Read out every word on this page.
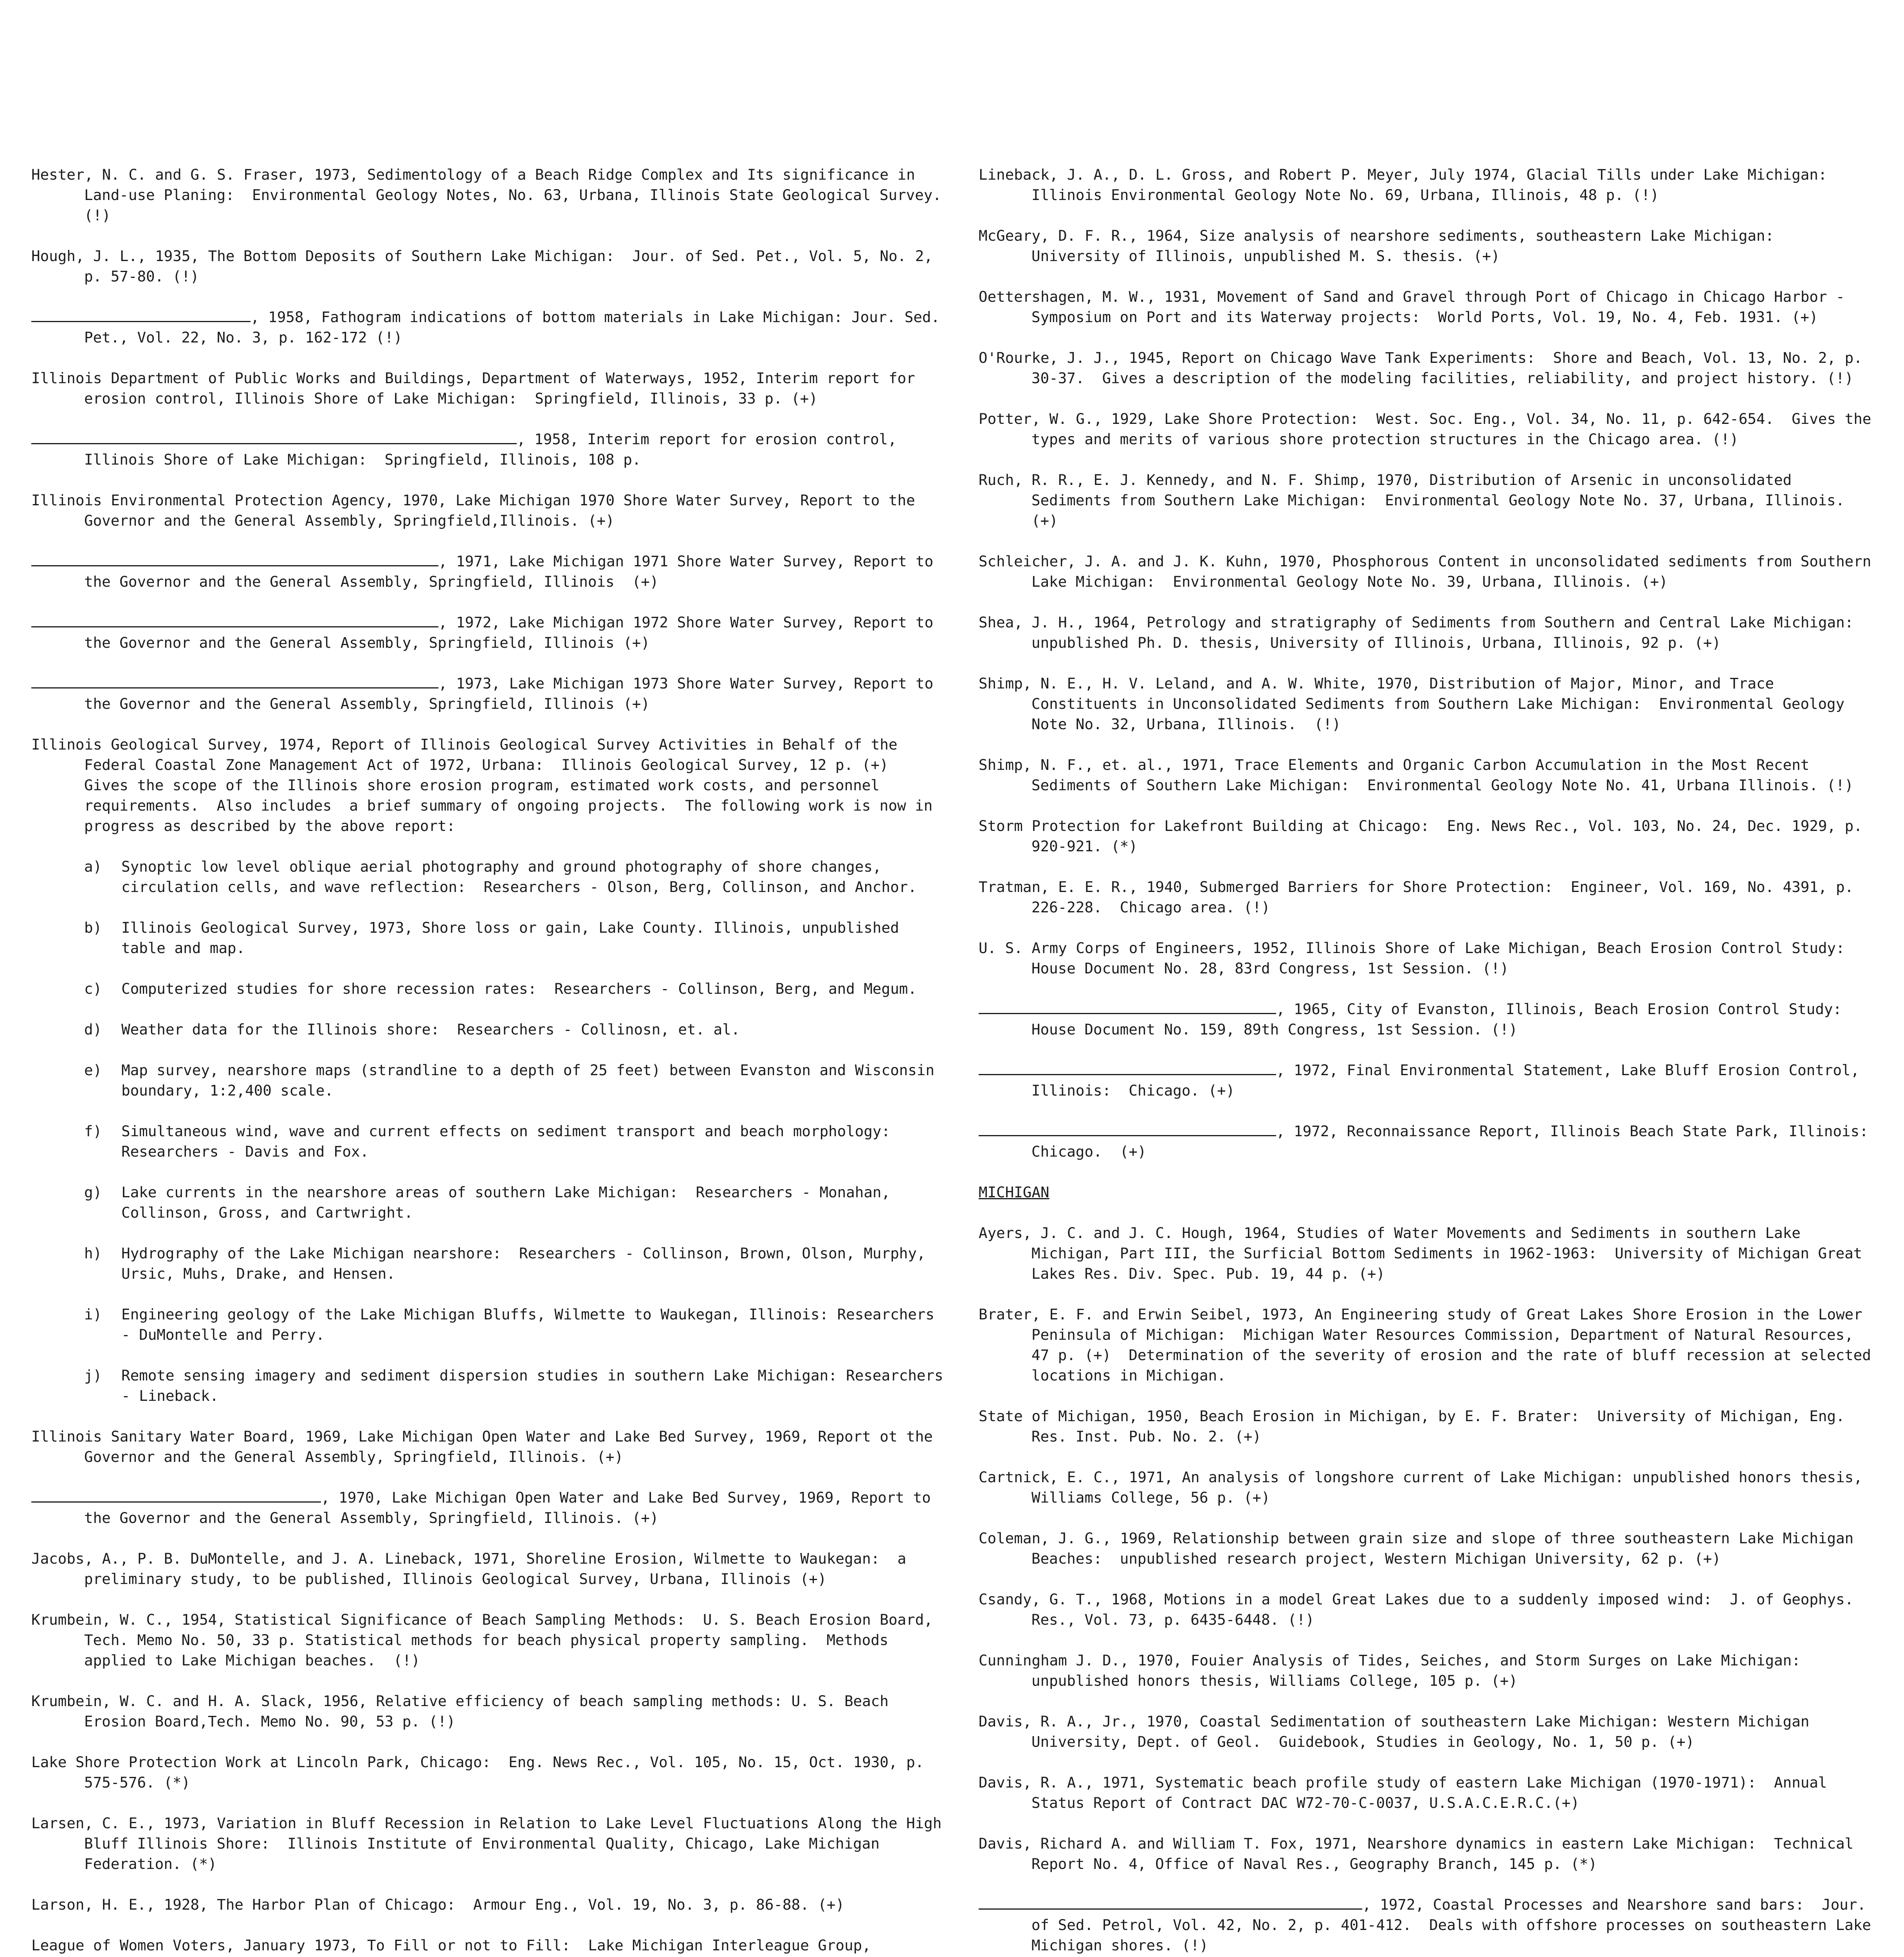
Hester, N. C. and G. S. Fraser, 1973, Sedimentology of a Beach Ridge Complex and Its significance in Land-use Planing:  Environmental Geology Notes, No. 63, Urbana, Illinois State Geological Survey. (!)
Hough, J. L., 1935, The Bottom Deposits of Southern Lake Michigan:  Jour. of Sed. Pet., Vol. 5, No. 2, p. 57-80. (!)
, 1958, Fathogram indications of bottom materials in Lake Michigan: Jour. Sed. Pet., Vol. 22, No. 3, p. 162-172 (!)
Illinois Department of Public Works and Buildings, Department of Waterways, 1952, Interim report for erosion control, Illinois Shore of Lake Michigan:  Springfield, Illinois, 33 p. (+)
, 1958, Interim report for erosion control, Illinois Shore of Lake Michigan:  Springfield, Illinois, 108 p.
Illinois Environmental Protection Agency, 1970, Lake Michigan 1970 Shore Water Survey, Report to the Governor and the General Assembly, Springfield,Illinois. (+)
, 1971, Lake Michigan 1971 Shore Water Survey, Report to the Governor and the General Assembly, Springfield, Illinois  (+)
, 1972, Lake Michigan 1972 Shore Water Survey, Report to the Governor and the General Assembly, Springfield, Illinois (+)
, 1973, Lake Michigan 1973 Shore Water Survey, Report to the Governor and the General Assembly, Springfield, Illinois (+)
Illinois Geological Survey, 1974, Report of Illinois Geological Survey Activities in Behalf of the Federal Coastal Zone Management Act of 1972, Urbana:  Illinois Geological Survey, 12 p. (+)  Gives the scope of the Illinois shore erosion program, estimated work costs, and personnel requirements.  Also includes  a brief summary of ongoing projects.  The following work is now in progress as described by the above report:
a) Synoptic low level oblique aerial photography and ground photography of shore changes, circulation cells, and wave reflection:  Researchers - Olson, Berg, Collinson, and Anchor.
b) Illinois Geological Survey, 1973, Shore loss or gain, Lake County. Illinois, unpublished table and map.
c) Computerized studies for shore recession rates:  Researchers - Collinson, Berg, and Megum.
d) Weather data for the Illinois shore:  Researchers - Collinosn, et. al.
e) Map survey, nearshore maps (strandline to a depth of 25 feet) between Evanston and Wisconsin boundary, 1:2,400 scale.
f) Simultaneous wind, wave and current effects on sediment transport and beach morphology:  Researchers - Davis and Fox.
g) Lake currents in the nearshore areas of southern Lake Michigan:  Researchers - Monahan, Collinson, Gross, and Cartwright.
h) Hydrography of the Lake Michigan nearshore:  Researchers - Collinson, Brown, Olson, Murphy, Ursic, Muhs, Drake, and Hensen.
i) Engineering geology of the Lake Michigan Bluffs, Wilmette to Waukegan, Illinois: Researchers - DuMontelle and Perry.
j) Remote sensing imagery and sediment dispersion studies in southern Lake Michigan: Researchers - Lineback.
Illinois Sanitary Water Board, 1969, Lake Michigan Open Water and Lake Bed Survey, 1969, Report ot the Governor and the General Assembly, Springfield, Illinois. (+)
, 1970, Lake Michigan Open Water and Lake Bed Survey, 1969, Report to the Governor and the General Assembly, Springfield, Illinois. (+)
Jacobs, A., P. B. DuMontelle, and J. A. Lineback, 1971, Shoreline Erosion, Wilmette to Waukegan:  a preliminary study, to be published, Illinois Geological Survey, Urbana, Illinois (+)
Krumbein, W. C., 1954, Statistical Significance of Beach Sampling Methods:  U. S. Beach Erosion Board, Tech. Memo No. 50, 33 p. Statistical methods for beach physical property sampling.  Methods applied to Lake Michigan beaches.  (!)
Krumbein, W. C. and H. A. Slack, 1956, Relative efficiency of beach sampling methods: U. S. Beach Erosion Board,Tech. Memo No. 90, 53 p. (!)
Lake Shore Protection Work at Lincoln Park, Chicago:  Eng. News Rec., Vol. 105, No. 15, Oct. 1930, p. 575-576. (*)
Larsen, C. E., 1973, Variation in Bluff Recession in Relation to Lake Level Fluctuations Along the High Bluff Illinois Shore:  Illinois Institute of Environmental Quality, Chicago, Lake Michigan Federation. (*)
Larson, H. E., 1928, The Harbor Plan of Chicago:  Armour Eng., Vol. 19, No. 3, p. 86-88. (+)
League of Women Voters, January 1973, To Fill or not to Fill:  Lake Michigan Interleague Group,
Lineback, J. A., D. L. Gross, and Robert P. Meyer, July 1974, Glacial Tills under Lake Michigan:  Illinois Environmental Geology Note No. 69, Urbana, Illinois, 48 p. (!)
McGeary, D. F. R., 1964, Size analysis of nearshore sediments, southeastern Lake Michigan:  University of Illinois, unpublished M. S. thesis. (+)
Oettershagen, M. W., 1931, Movement of Sand and Gravel through Port of Chicago in Chicago Harbor - Symposium on Port and its Waterway projects:  World Ports, Vol. 19, No. 4, Feb. 1931. (+)
O'Rourke, J. J., 1945, Report on Chicago Wave Tank Experiments:  Shore and Beach, Vol. 13, No. 2, p. 30-37.  Gives a description of the modeling facilities, reliability, and project history. (!)
Potter, W. G., 1929, Lake Shore Protection:  West. Soc. Eng., Vol. 34, No. 11, p. 642-654.  Gives the types and merits of various shore protection structures in the Chicago area. (!)
Ruch, R. R., E. J. Kennedy, and N. F. Shimp, 1970, Distribution of Arsenic in unconsolidated Sediments from Southern Lake Michigan:  Environmental Geology Note No. 37, Urbana, Illinois. (+)
Schleicher, J. A. and J. K. Kuhn, 1970, Phosphorous Content in unconsolidated sediments from Southern Lake Michigan:  Environmental Geology Note No. 39, Urbana, Illinois. (+)
Shea, J. H., 1964, Petrology and stratigraphy of Sediments from Southern and Central Lake Michigan:  unpublished Ph. D. thesis, University of Illinois, Urbana, Illinois, 92 p. (+)
Shimp, N. E., H. V. Leland, and A. W. White, 1970, Distribution of Major, Minor, and Trace Constituents in Unconsolidated Sediments from Southern Lake Michigan:  Environmental Geology Note No. 32, Urbana, Illinois.  (!)
Shimp, N. F., et. al., 1971, Trace Elements and Organic Carbon Accumulation in the Most Recent Sediments of Southern Lake Michigan:  Environmental Geology Note No. 41, Urbana Illinois. (!)
Storm Protection for Lakefront Building at Chicago:  Eng. News Rec., Vol. 103, No. 24, Dec. 1929, p. 920-921. (*)
Tratman, E. E. R., 1940, Submerged Barriers for Shore Protection:  Engineer, Vol. 169, No. 4391, p. 226-228.  Chicago area. (!)
U. S. Army Corps of Engineers, 1952, Illinois Shore of Lake Michigan, Beach Erosion Control Study:  House Document No. 28, 83rd Congress, 1st Session. (!)
, 1965, City of Evanston, Illinois, Beach Erosion Control Study:  House Document No. 159, 89th Congress, 1st Session. (!)
, 1972, Final Environmental Statement, Lake Bluff Erosion Control, Illinois:  Chicago. (+)
, 1972, Reconnaissance Report, Illinois Beach State Park, Illinois:  Chicago.  (+)
MICHIGAN
Ayers, J. C. and J. C. Hough, 1964, Studies of Water Movements and Sediments in southern Lake Michigan, Part III, the Surficial Bottom Sediments in 1962-1963:  University of Michigan Great Lakes Res. Div. Spec. Pub. 19, 44 p. (+)
Brater, E. F. and Erwin Seibel, 1973, An Engineering study of Great Lakes Shore Erosion in the Lower Peninsula of Michigan:  Michigan Water Resources Commission, Department of Natural Resources, 47 p. (+)  Determination of the severity of erosion and the rate of bluff recession at selected locations in Michigan.
State of Michigan, 1950, Beach Erosion in Michigan, by E. F. Brater:  University of Michigan, Eng. Res. Inst. Pub. No. 2. (+)
Cartnick, E. C., 1971, An analysis of longshore current of Lake Michigan: unpublished honors thesis, Williams College, 56 p. (+)
Coleman, J. G., 1969, Relationship between grain size and slope of three southeastern Lake Michigan Beaches:  unpublished research project, Western Michigan University, 62 p. (+)
Csandy, G. T., 1968, Motions in a model Great Lakes due to a suddenly imposed wind:  J. of Geophys. Res., Vol. 73, p. 6435-6448. (!)
Cunningham J. D., 1970, Fouier Analysis of Tides, Seiches, and Storm Surges on Lake Michigan:  unpublished honors thesis, Williams College, 105 p. (+)
Davis, R. A., Jr., 1970, Coastal Sedimentation of southeastern Lake Michigan: Western Michigan University, Dept. of Geol.  Guidebook, Studies in Geology, No. 1, 50 p. (+)
Davis, R. A., 1971, Systematic beach profile study of eastern Lake Michigan (1970-1971):  Annual Status Report of Contract DAC W72-70-C-0037, U.S.A.C.E.R.C.(+)
Davis, Richard A. and William T. Fox, 1971, Nearshore dynamics in eastern Lake Michigan:  Technical Report No. 4, Office of Naval Res., Geography Branch, 145 p. (*)
, 1972, Coastal Processes and Nearshore sand bars:  Jour. of Sed. Petrol, Vol. 42, No. 2, p. 401-412.  Deals with offshore processes on southeastern Lake Michigan shores. (!)
